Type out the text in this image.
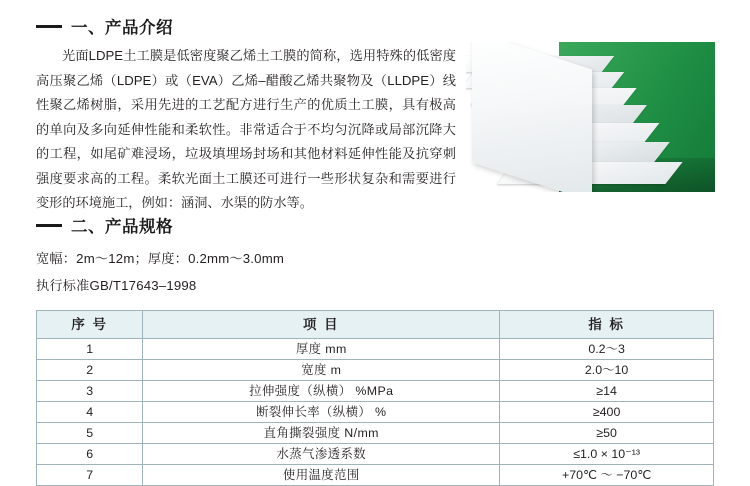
一、产品介绍
光面LDPE土工膜是低密度聚乙烯土工膜的简称，选用特殊的低密度高压聚乙烯（LDPE）或（EVA）乙烯–醋酸乙烯共聚物及（LLDPE）线性聚乙烯树脂，采用先进的工艺配方进行生产的优质土工膜，具有极高的单向及多向延伸性能和柔软性。非常适合于不均匀沉降或局部沉降大的工程，如尾矿难浸场，垃圾填埋场封场和其他材料延伸性能及抗穿刺强度要求高的工程。柔软光面土工膜还可进行一些形状复杂和需要进行变形的环境施工，例如：涵洞、水渠的防水等。
二、产品规格
宽幅：2m～12m；厚度：0.2mm～3.0mm
执行标准GB/T17643–1998
序 号	项 目	指 标
1	厚度 mm	0.2～3
2	宽度 m	2.0～10
3	拉伸强度（纵横） %MPa	≥14
4	断裂伸长率（纵横） %	≥400
5	直角撕裂强度 N/mm	≥50
6	水蒸气渗透系数	≤1.0 × 10⁻¹³
7	使用温度范围	+70℃ ～ −70℃
